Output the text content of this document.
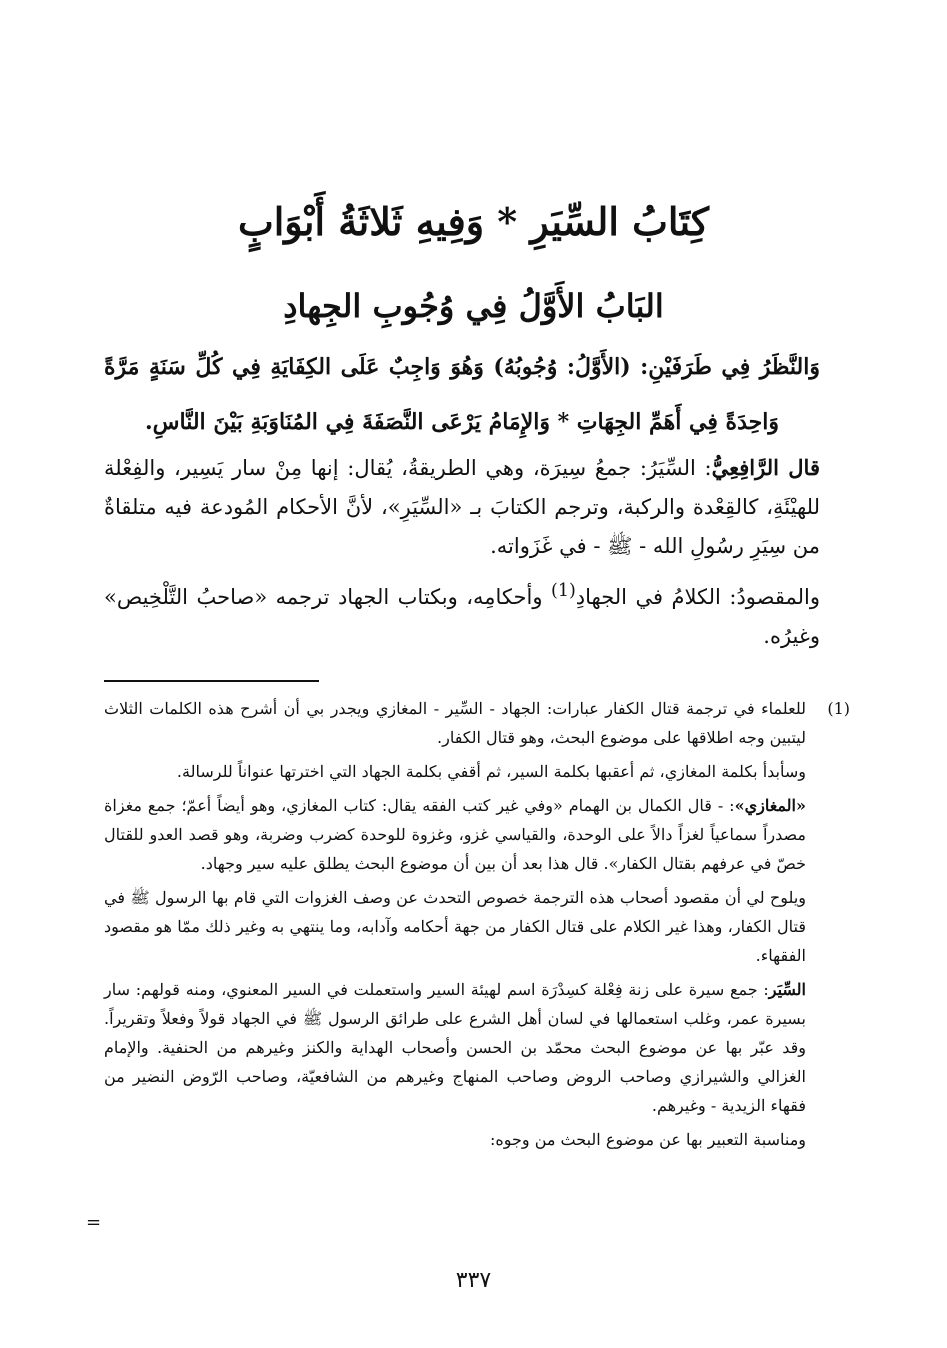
كِتَابُ السِّيَرِ * وَفِيهِ ثَلاثَةُ أَبْوَابٍ
البَابُ الأَوَّلُ فِي وُجُوبِ الجِهادِ

وَالنَّظَرُ فِي طَرَفَيْنِ: (الأَوَّلُ: وُجُوبُهُ) وَهُوَ وَاجِبٌ عَلَى الكِفَايَةِ فِي كُلِّ سَنَةٍ مَرَّةً وَاحِدَةً فِي أَهَمِّ الجِهَاتِ * وَالإِمَامُ يَرْعَى النَّصَفَةَ فِي المُنَاوَبَةِ بَيْنَ النَّاسِ.

قال الرَّافِعِيُّ: السِّيَرُ: جمعُ سِيرَة، وهي الطريقةُ، يُقال: إنها مِنْ سار يَسِير، والفِعْلة للهيْئَةِ، كالقِعْدة والركبة، وترجم الكتابَ بـ «السِّيَرِ»، لأنَّ الأحكام المُودعة فيه متلقاةٌ من سِيَرِ رسُولِ الله - ﷺ - في غَزَواته.

والمقصودُ: الكلامُ في الجهادِ$^{(1)}$ وأحكامِه، وبكتاب الجهاد ترجمه «صاحبُ التَّلْخِيص» وغيرُه.

(1)

للعلماء في ترجمة قتال الكفار عبارات: الجهاد - السِّير - المغازي ويجدر بي أن أشرح هذه الكلمات الثلاث ليتبين وجه اطلاقها على موضوع البحث، وهو قتال الكفار.

وسأبدأ بكلمة المغازي، ثم أعقبها بكلمة السير، ثم أقفي بكلمة الجهاد التي اخترتها عنواناً للرسالة.

«المغازي»: - قال الكمال بن الهمام «وفي غير كتب الفقه يقال: كتاب المغازي، وهو أيضاً أعمّ؛ جمع مغزاة مصدراً سماعياً لغزاً دالاً على الوحدة، والقياسي غزو، وغزوة للوحدة كضرب وضربة، وهو قصد العدو للقتال خصّ في عرفهم بقتال الكفار». قال هذا بعد أن بين أن موضوع البحث يطلق عليه سير وجهاد.

ويلوح لي أن مقصود أصحاب هذه الترجمة خصوص التحدث عن وصف الغزوات التي قام بها الرسول ﷺ في قتال الكفار، وهذا غير الكلام على قتال الكفار من جهة أحكامه وآدابه، وما ينتهي به وغير ذلك ممّا هو مقصود الفقهاء.

السِّيَر: جمع سيرة على زنة فِعْلة كسِدْرَة اسم لهيئة السير واستعملت في السير المعنوي، ومنه قولهم: سار بسيرة عمر، وغلب استعمالها في لسان أهل الشرع على طرائق الرسول ﷺ في الجهاد قولاً وفعلاً وتقريراً. وقد عبّر بها عن موضوع البحث محمّد بن الحسن وأصحاب الهداية والكنز وغيرهم من الحنفية. والإمام الغزالي والشيرازي وصاحب الروض وصاحب المنهاج وغيرهم من الشافعيّة، وصاحب الرّوض النضير من فقهاء الزيدية - وغيرهم.

ومناسبة التعبير بها عن موضوع البحث من وجوه:

=
٣٣٧
